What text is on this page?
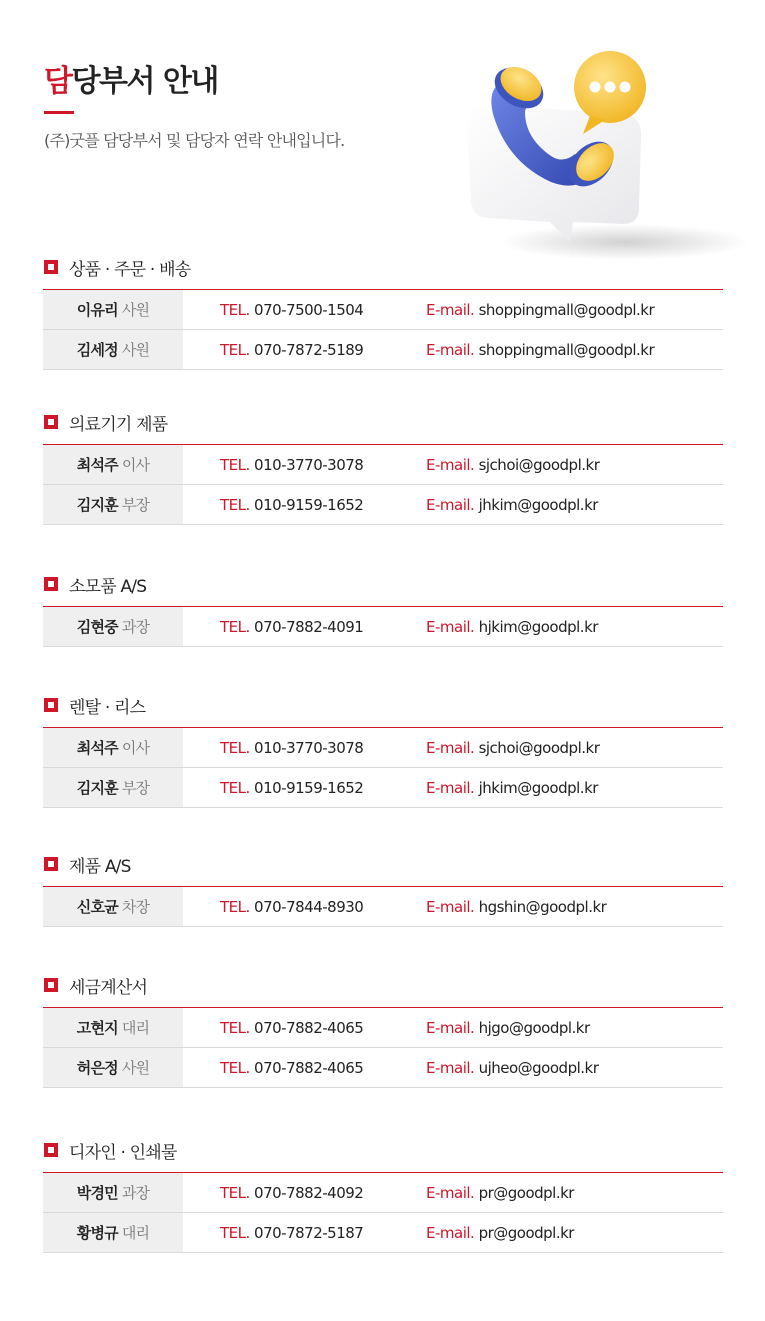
담당부서 안내
(주)굿플 담당부서 및 담당자 연락 안내입니다.
상품 · 주문 · 배송
이유리 사원	TEL. 070-7500-1504	E-mail. shoppingmall@goodpl.kr
김세정 사원	TEL. 070-7872-5189	E-mail. shoppingmall@goodpl.kr
의료기기 제품
최석주 이사	TEL. 010-3770-3078	E-mail. sjchoi@goodpl.kr
김지훈 부장	TEL. 010-9159-1652	E-mail. jhkim@goodpl.kr
소모품 A/S
김현중 과장	TEL. 070-7882-4091	E-mail. hjkim@goodpl.kr
렌탈 · 리스
최석주 이사	TEL. 010-3770-3078	E-mail. sjchoi@goodpl.kr
김지훈 부장	TEL. 010-9159-1652	E-mail. jhkim@goodpl.kr
제품 A/S
신호균 차장	TEL. 070-7844-8930	E-mail. hgshin@goodpl.kr
세금계산서
고현지 대리	TEL. 070-7882-4065	E-mail. hjgo@goodpl.kr
허은정 사원	TEL. 070-7882-4065	E-mail. ujheo@goodpl.kr
디자인 · 인쇄물
박경민 과장	TEL. 070-7882-4092	E-mail. pr@goodpl.kr
황병규 대리	TEL. 070-7872-5187	E-mail. pr@goodpl.kr
